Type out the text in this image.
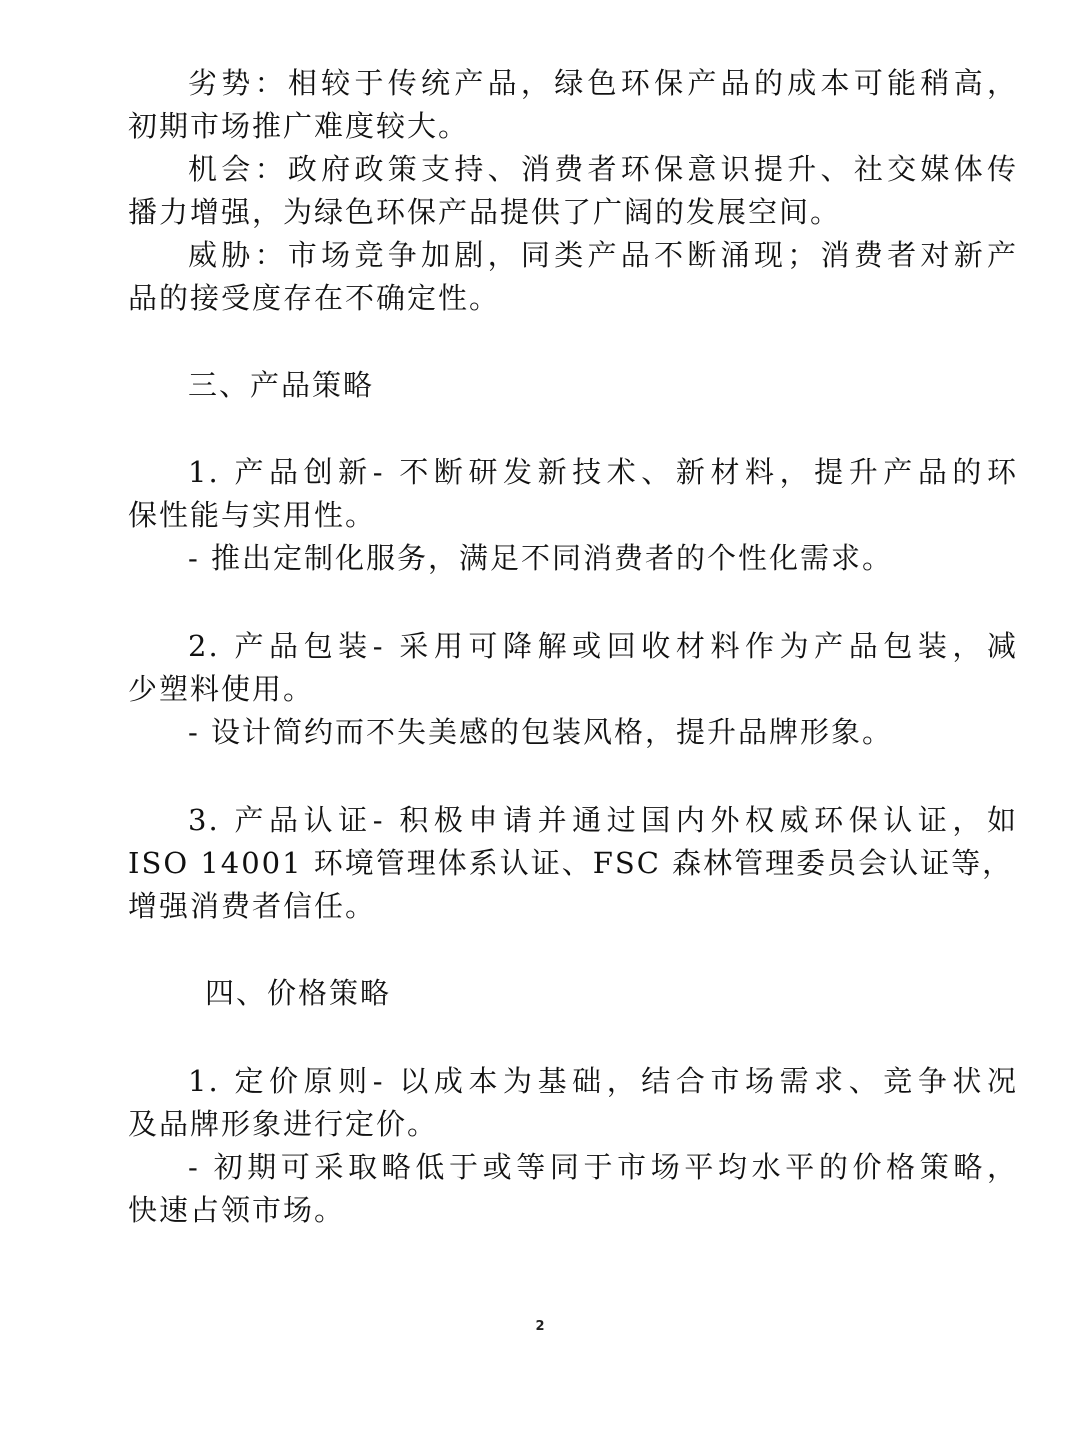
劣势：相较于传统产品，绿色环保产品的成本可能稍高，
初期市场推广难度较大。
机会：政府政策支持、消费者环保意识提升、社交媒体传
播力增强，为绿色环保产品提供了广阔的发展空间。
威胁：市场竞争加剧，同类产品不断涌现；消费者对新产
品的接受度存在不确定性。
三、产品策略
1. 产品创新- 不断研发新技术、新材料，提升产品的环
保性能与实用性。
- 推出定制化服务，满足不同消费者的个性化需求。
2. 产品包装- 采用可降解或回收材料作为产品包装，减
少塑料使用。
- 设计简约而不失美感的包装风格，提升品牌形象。
3. 产品认证- 积极申请并通过国内外权威环保认证，如
ISO 14001 环境管理体系认证、FSC 森林管理委员会认证等，
增强消费者信任。
四、价格策略
1. 定价原则- 以成本为基础，结合市场需求、竞争状况
及品牌形象进行定价。
- 初期可采取略低于或等同于市场平均水平的价格策略，
快速占领市场。
2
